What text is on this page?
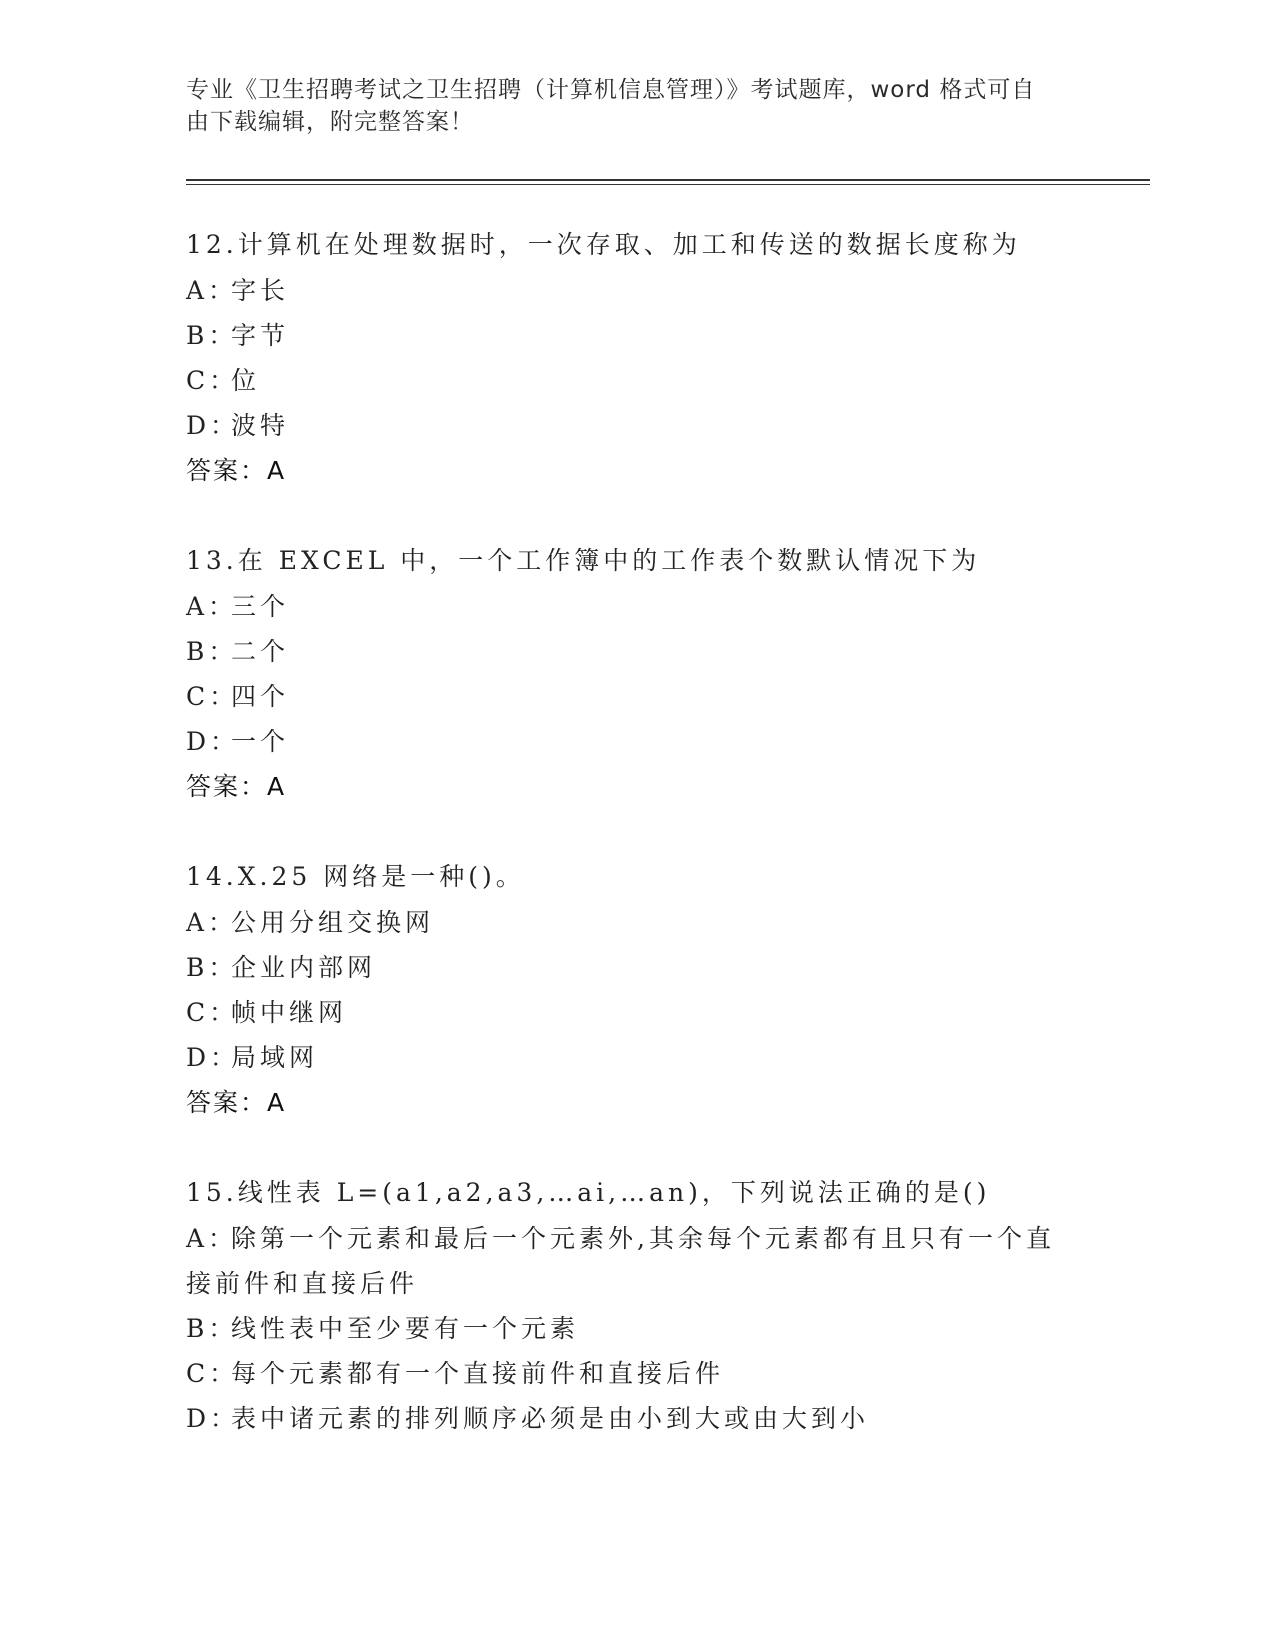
专业《卫生招聘考试之卫生招聘（计算机信息管理）》考试题库，word 格式可自
由下载编辑，附完整答案！
12.计算机在处理数据时，一次存取、加工和传送的数据长度称为
A：字长
B：字节
C：位
D：波特
答案：A
13.在 EXCEL 中，一个工作簿中的工作表个数默认情况下为
A：三个
B：二个
C：四个
D：一个
答案：A
14.X.25 网络是一种()。
A：公用分组交换网
B：企业内部网
C：帧中继网
D：局域网
答案：A
15.线性表 L=(a1,a2,a3,…ai,…an)，下列说法正确的是()
A：除第一个元素和最后一个元素外,其余每个元素都有且只有一个直
接前件和直接后件
B：线性表中至少要有一个元素
C：每个元素都有一个直接前件和直接后件
D：表中诸元素的排列顺序必须是由小到大或由大到小
